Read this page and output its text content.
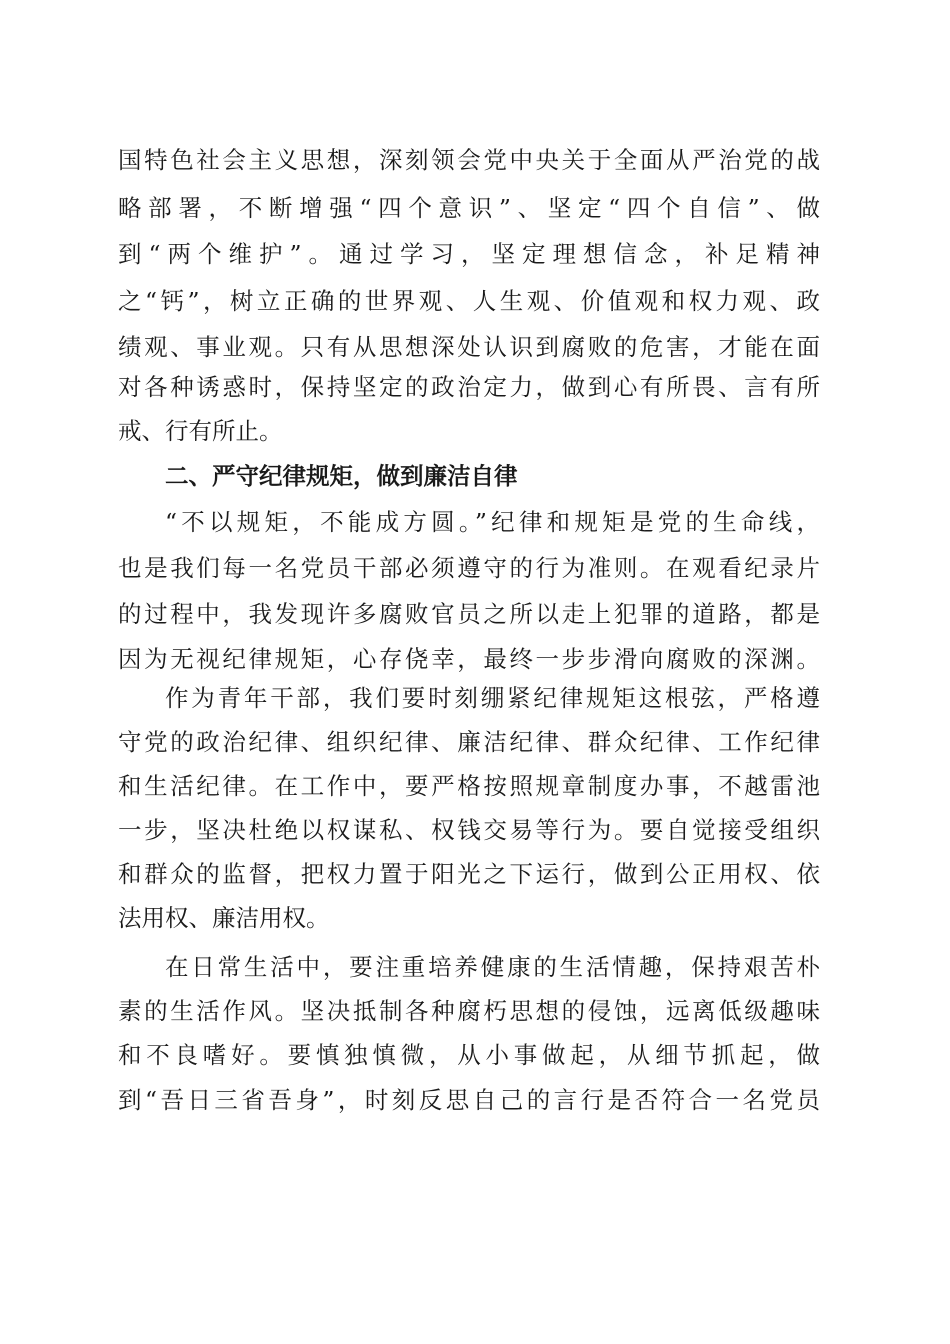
国特色社会主义思想，深刻领会党中央关于全面从严治党的战
略部署，不断增强“四个意识”、坚定“四个自信”、做
到“两个维护”。通过学习，坚定理想信念，补足精神
之“钙”，树立正确的世界观、人生观、价值观和权力观、政
绩观、事业观。只有从思想深处认识到腐败的危害，才能在面
对各种诱惑时，保持坚定的政治定力，做到心有所畏、言有所
戒、行有所止。
二、严守纪律规矩，做到廉洁自律
“不以规矩，不能成方圆。”纪律和规矩是党的生命线，
也是我们每一名党员干部必须遵守的行为准则。在观看纪录片
的过程中，我发现许多腐败官员之所以走上犯罪的道路，都是
因为无视纪律规矩，心存侥幸，最终一步步滑向腐败的深渊。
作为青年干部，我们要时刻绷紧纪律规矩这根弦，严格遵
守党的政治纪律、组织纪律、廉洁纪律、群众纪律、工作纪律
和生活纪律。在工作中，要严格按照规章制度办事，不越雷池
一步，坚决杜绝以权谋私、权钱交易等行为。要自觉接受组织
和群众的监督，把权力置于阳光之下运行，做到公正用权、依
法用权、廉洁用权。
在日常生活中，要注重培养健康的生活情趣，保持艰苦朴
素的生活作风。坚决抵制各种腐朽思想的侵蚀，远离低级趣味
和不良嗜好。要慎独慎微，从小事做起，从细节抓起，做
到“吾日三省吾身”，时刻反思自己的言行是否符合一名党员
